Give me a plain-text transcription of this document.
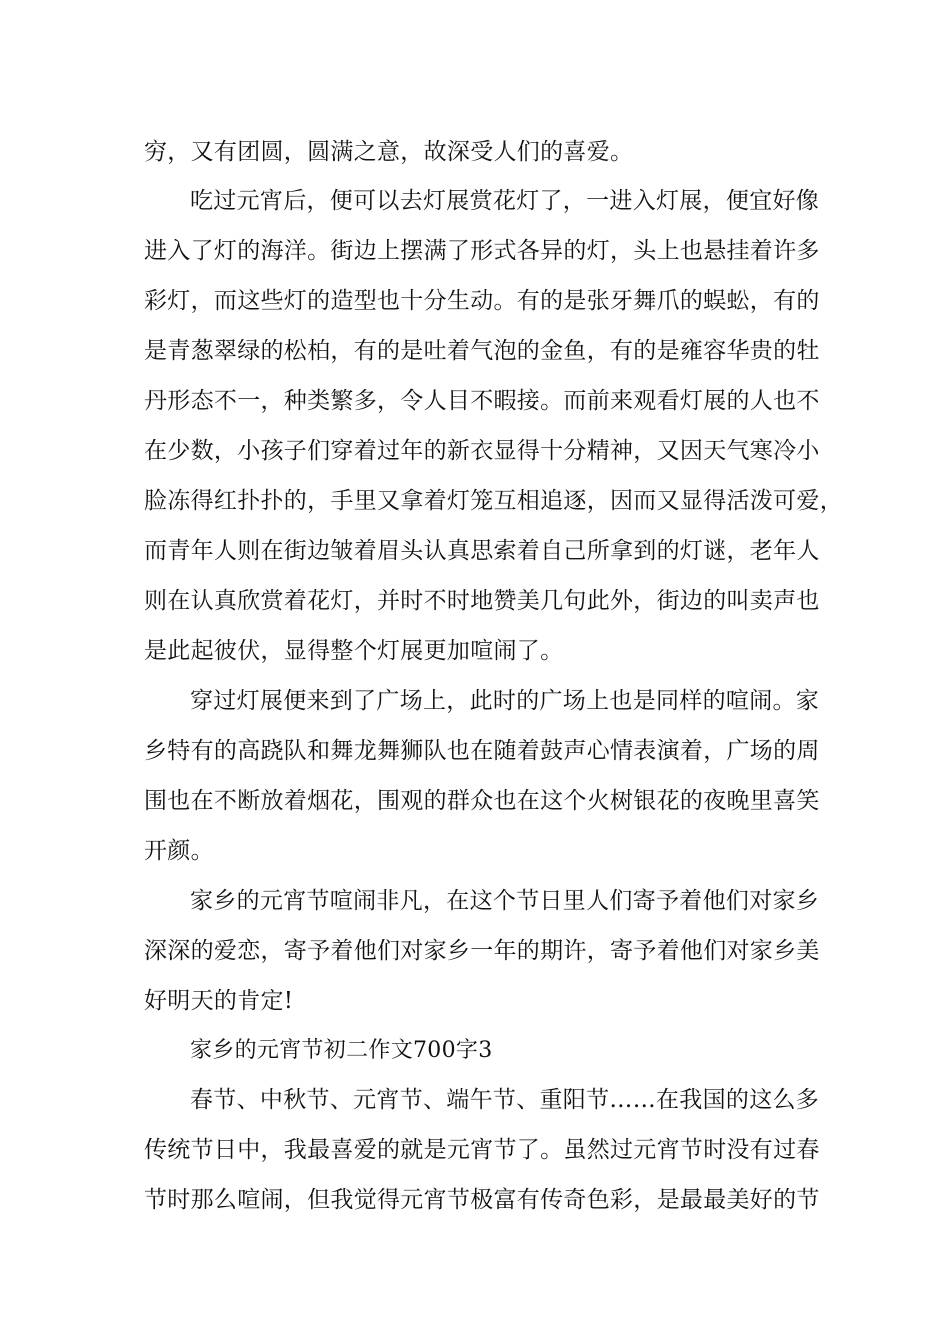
穷，又有团圆，圆满之意，故深受人们的喜爱。
吃过元宵后，便可以去灯展赏花灯了，一进入灯展，便宜好像
进入了灯的海洋。街边上摆满了形式各异的灯，头上也悬挂着许多
彩灯，而这些灯的造型也十分生动。有的是张牙舞爪的蜈蚣，有的
是青葱翠绿的松柏，有的是吐着气泡的金鱼，有的是雍容华贵的牡
丹形态不一，种类繁多，令人目不暇接。而前来观看灯展的人也不
在少数，小孩子们穿着过年的新衣显得十分精神，又因天气寒冷小
脸冻得红扑扑的，手里又拿着灯笼互相追逐，因而又显得活泼可爱，
而青年人则在街边皱着眉头认真思索着自己所拿到的灯谜，老年人
则在认真欣赏着花灯，并时不时地赞美几句此外，街边的叫卖声也
是此起彼伏，显得整个灯展更加喧闹了。
穿过灯展便来到了广场上，此时的广场上也是同样的喧闹。家
乡特有的高跷队和舞龙舞狮队也在随着鼓声心情表演着，广场的周
围也在不断放着烟花，围观的群众也在这个火树银花的夜晚里喜笑
开颜。
家乡的元宵节喧闹非凡，在这个节日里人们寄予着他们对家乡
深深的爱恋，寄予着他们对家乡一年的期许，寄予着他们对家乡美
好明天的肯定!
家乡的元宵节初二作文700字3
春节、中秋节、元宵节、端午节、重阳节……在我国的这么多
传统节日中，我最喜爱的就是元宵节了。虽然过元宵节时没有过春
节时那么喧闹，但我觉得元宵节极富有传奇色彩，是最最美好的节
